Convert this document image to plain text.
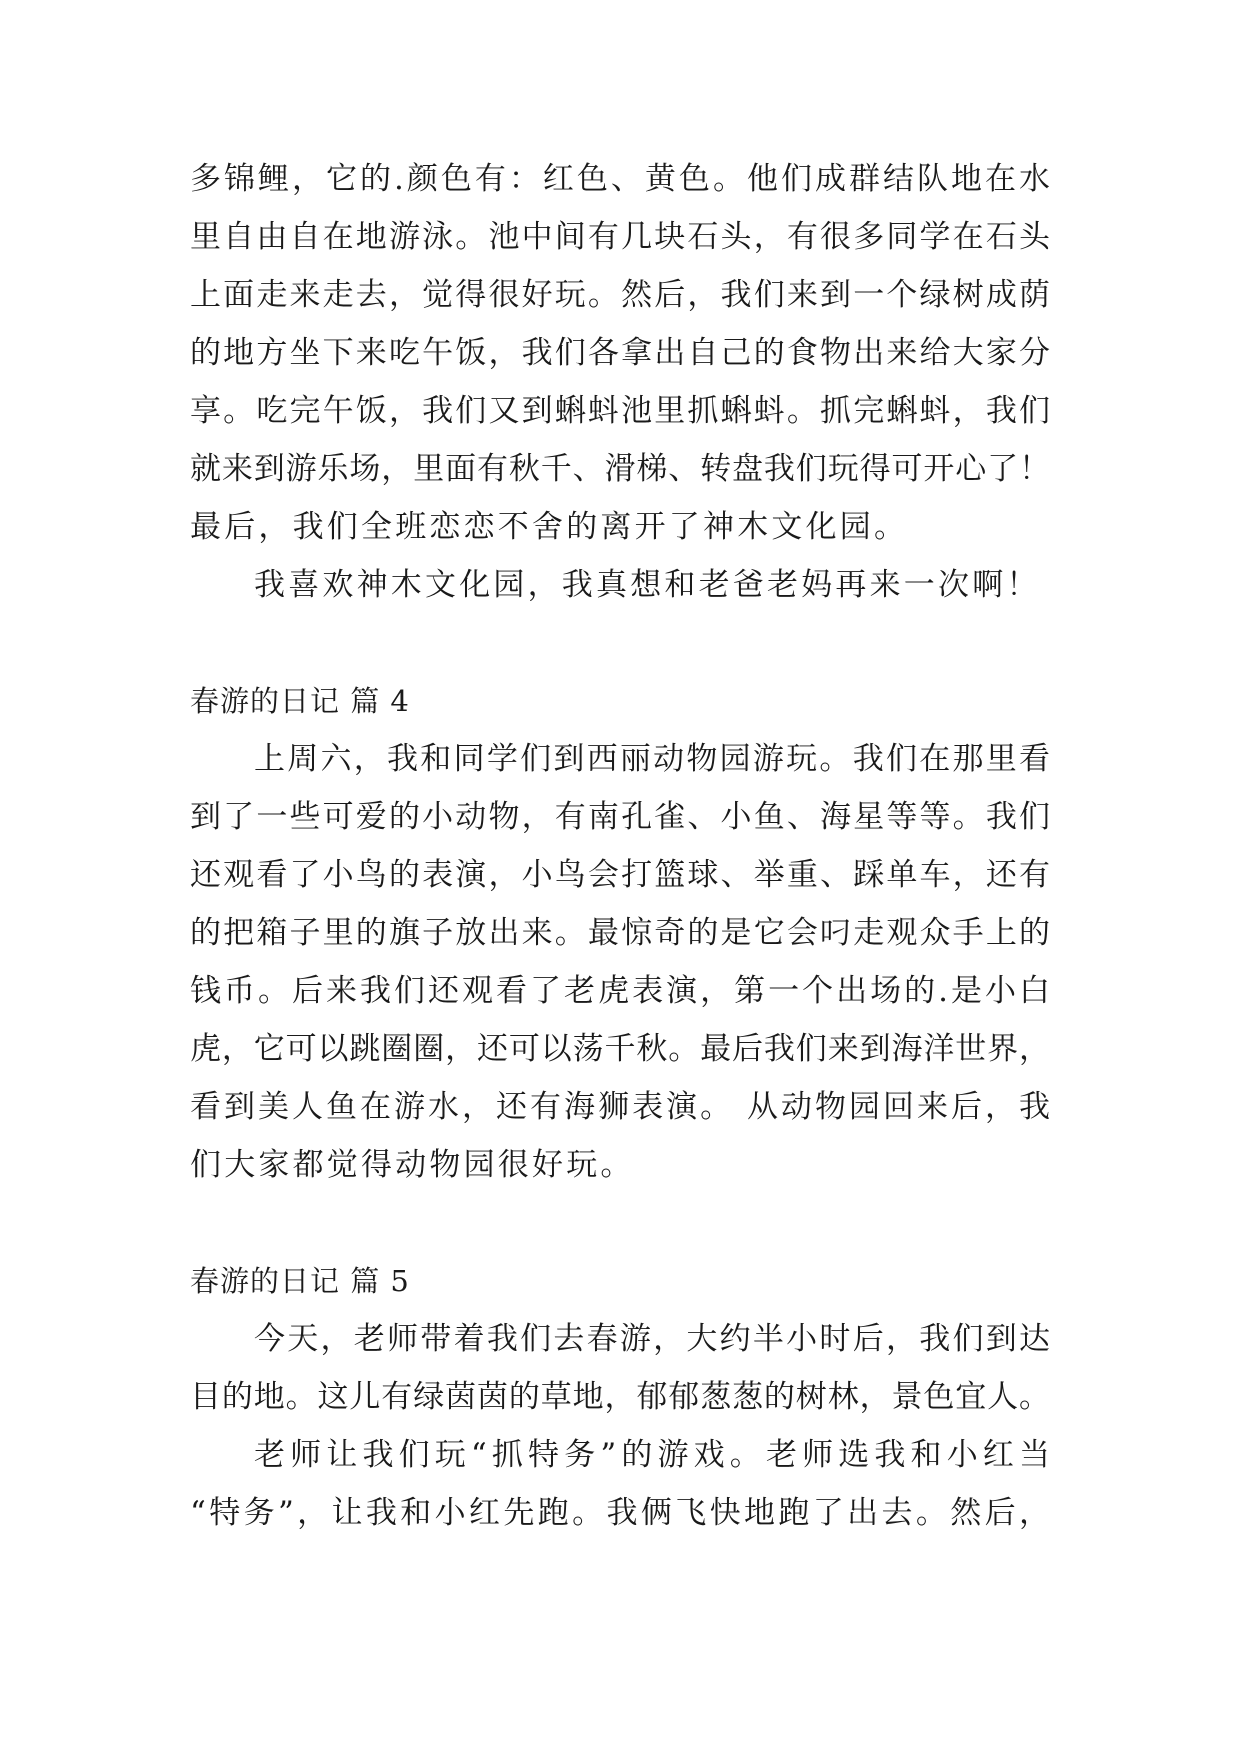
多锦鲤，它的.颜色有：红色、黄色。他们成群结队地在水
里自由自在地游泳。池中间有几块石头，有很多同学在石头
上面走来走去，觉得很好玩。然后，我们来到一个绿树成荫
的地方坐下来吃午饭，我们各拿出自己的食物出来给大家分
享。吃完午饭，我们又到蝌蚪池里抓蝌蚪。抓完蝌蚪，我们
就来到游乐场，里面有秋千、滑梯、转盘我们玩得可开心了！
最后，我们全班恋恋不舍的离开了神木文化园。
我喜欢神木文化园，我真想和老爸老妈再来一次啊！
春游的日记 篇 4
上周六，我和同学们到西丽动物园游玩。我们在那里看
到了一些可爱的小动物，有南孔雀、小鱼、海星等等。我们
还观看了小鸟的表演，小鸟会打篮球、举重、踩单车，还有
的把箱子里的旗子放出来。最惊奇的是它会叼走观众手上的
钱币。后来我们还观看了老虎表演，第一个出场的.是小白
虎，它可以跳圈圈，还可以荡千秋。最后我们来到海洋世界，
看到美人鱼在游水，还有海狮表演。 从动物园回来后，我
们大家都觉得动物园很好玩。
春游的日记 篇 5
今天，老师带着我们去春游，大约半小时后，我们到达
目的地。这儿有绿茵茵的草地，郁郁葱葱的树林，景色宜人。
老师让我们玩“抓特务”的游戏。老师选我和小红当
“特务”，让我和小红先跑。我俩飞快地跑了出去。然后，
